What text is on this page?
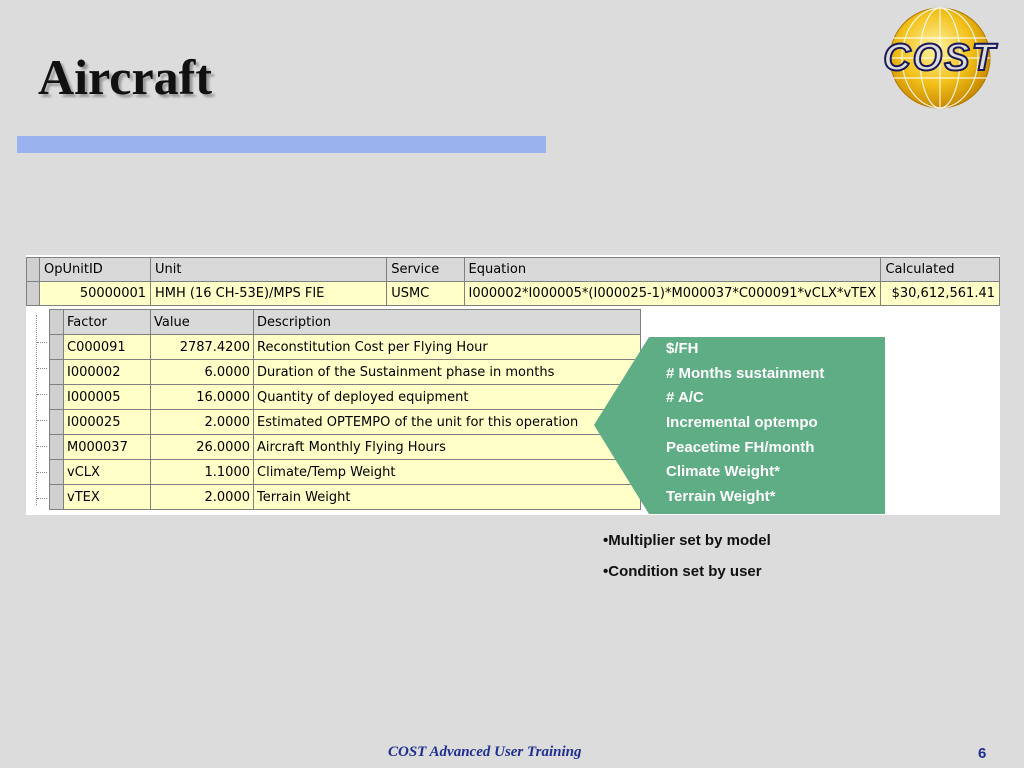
Aircraft	COST
	OpUnitID	Unit	Service	Equation	Calculated
	50000001	HMH (16 CH-53E)/MPS FIE	USMC	I000002*I000005*(I000025-1)*M000037*C000091*vCLX*vTEX	$30,612,561.41
	Factor	Value	Description
	C000091	2787.4200	Reconstitution Cost per Flying Hour
	I000002	6.0000	Duration of the Sustainment phase in months
	I000005	16.0000	Quantity of deployed equipment
	I000025	2.0000	Estimated OPTEMPO of the unit for this operation
	M000037	26.0000	Aircraft Monthly Flying Hours
	vCLX	1.1000	Climate/Temp Weight
	vTEX	2.0000	Terrain Weight
$/FH
# Months sustainment
# A/C
Incremental optempo
Peacetime FH/month
Climate Weight*
Terrain Weight*
•Multiplier set by model
•Condition set by user
COST Advanced User Training	6
